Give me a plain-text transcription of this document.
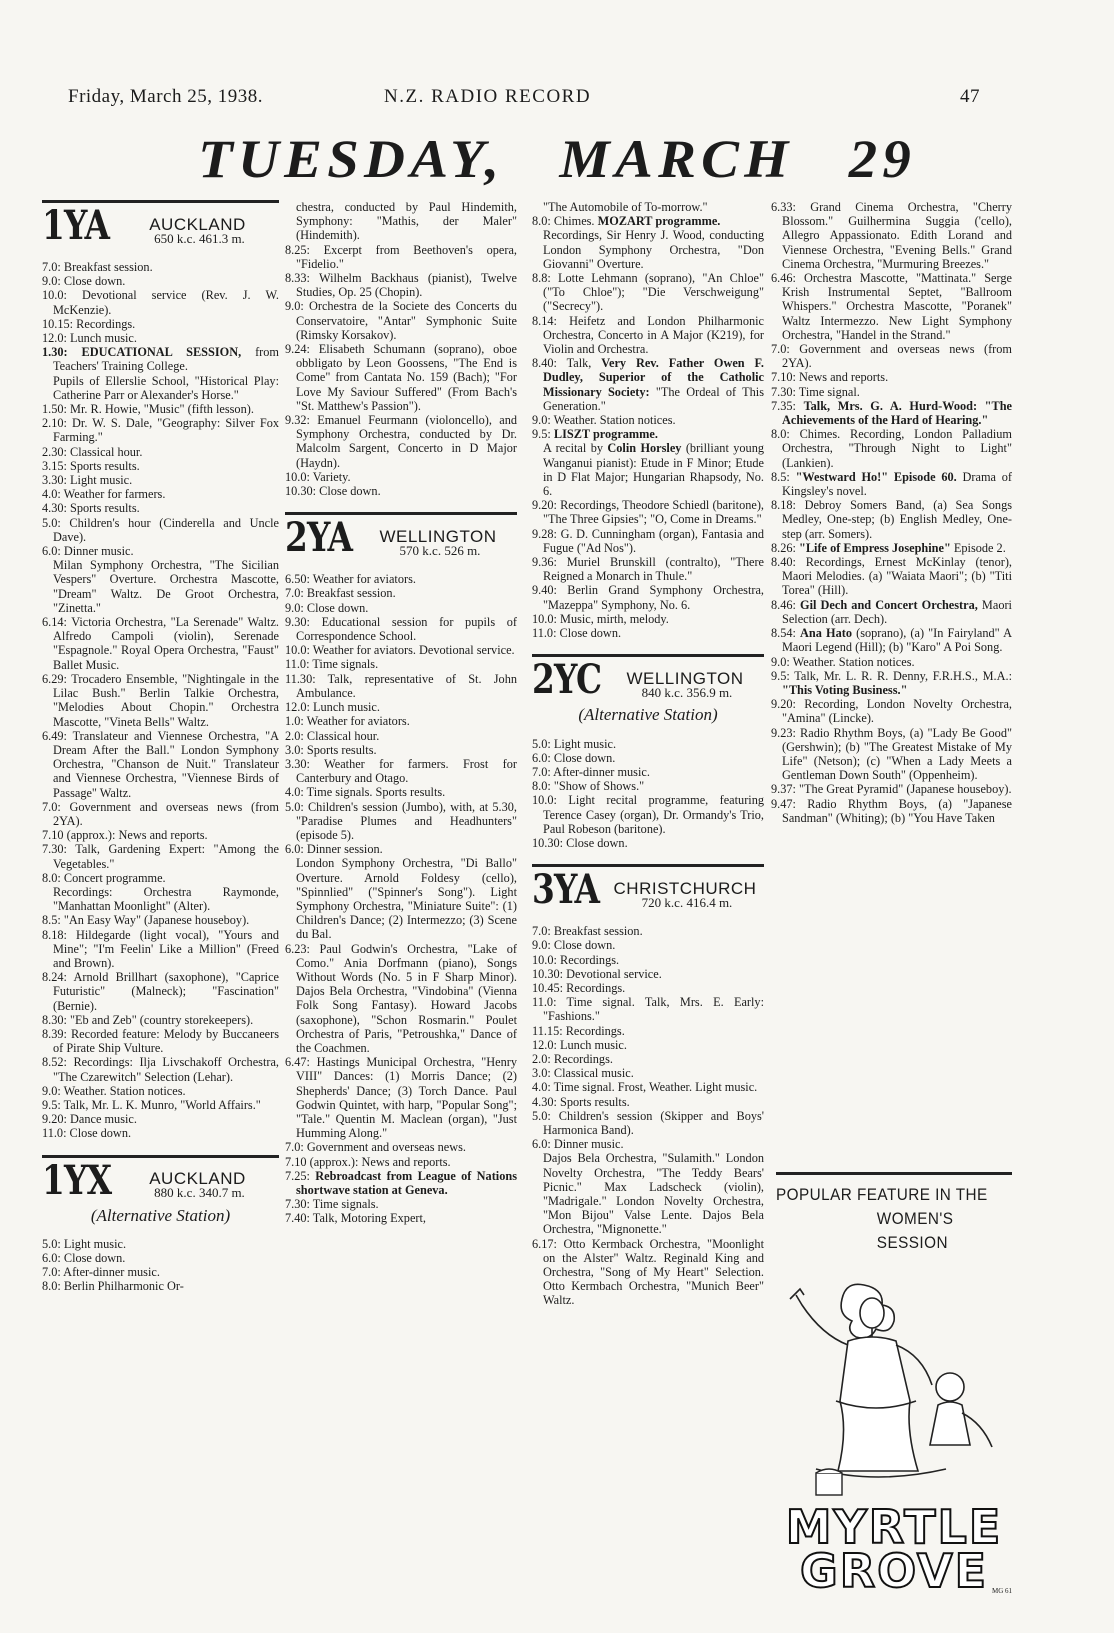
Friday, March 25, 1938.	N.Z. RADIO RECORD	47
TUESDAY, MARCH 29
1YA AUCKLAND
650 k.c. 461.3 m.

7.0: Breakfast session.

9.0: Close down.

10.0: Devotional service (Rev. J. W. McKenzie).

10.15: Recordings.

12.0: Lunch music.

1.30: EDUCATIONAL SESSION, from Teachers' Training College.

Pupils of Ellerslie School, "Historical Play: Catherine Parr or Alexander's Horse."

1.50: Mr. R. Howie, "Music" (fifth lesson).

2.10: Dr. W. S. Dale, "Geography: Silver Fox Farming."

2.30: Classical hour.

3.15: Sports results.

3.30: Light music.

4.0: Weather for farmers.

4.30: Sports results.

5.0: Children's hour (Cinderella and Uncle Dave).

6.0: Dinner music.

Milan Symphony Orchestra, "The Sicilian Vespers" Overture. Orchestra Mascotte, "Dream" Waltz. De Groot Orchestra, "Zinetta."

6.14: Victoria Orchestra, "La Serenade" Waltz. Alfredo Campoli (violin), Serenade "Espagnole." Royal Opera Orchestra, "Faust" Ballet Music.

6.29: Trocadero Ensemble, "Nightingale in the Lilac Bush." Berlin Talkie Orchestra, "Melodies About Chopin." Orchestra Mascotte, "Vineta Bells" Waltz.

6.49: Translateur and Viennese Orchestra, "A Dream After the Ball." London Symphony Orchestra, "Chanson de Nuit." Translateur and Viennese Orchestra, "Viennese Birds of Passage" Waltz.

7.0: Government and overseas news (from 2YA).

7.10 (approx.): News and reports.

7.30: Talk, Gardening Expert: "Among the Vegetables."

8.0: Concert programme.

Recordings: Orchestra Raymonde, "Manhattan Moonlight" (Alter).

8.5: "An Easy Way" (Japanese houseboy).

8.18: Hildegarde (light vocal), "Yours and Mine"; "I'm Feelin' Like a Million" (Freed and Brown).

8.24: Arnold Brillhart (saxophone), "Caprice Futuristic" (Malneck); "Fascination" (Bernie).

8.30: "Eb and Zeb" (country storekeepers).

8.39: Recorded feature: Melody by Buccaneers of Pirate Ship Vulture.

8.52: Recordings: Ilja Livschakoff Orchestra, "The Czarewitch" Selection (Lehar).

9.0: Weather. Station notices.

9.5: Talk, Mr. L. K. Munro, "World Affairs."

9.20: Dance music.

11.0: Close down.

1YX AUCKLAND
880 k.c. 340.7 m.
(Alternative Station)

5.0: Light music.

6.0: Close down.

7.0: After-dinner music.

8.0: Berlin Philharmonic Or-

chestra, conducted by Paul Hindemith, Symphony: "Mathis, der Maler" (Hindemith).

8.25: Excerpt from Beethoven's opera, "Fidelio."

8.33: Wilhelm Backhaus (pianist), Twelve Studies, Op. 25 (Chopin).

9.0: Orchestra de la Societe des Concerts du Conservatoire, "Antar" Symphonic Suite (Rimsky Korsakov).

9.24: Elisabeth Schumann (soprano), oboe obbligato by Leon Goossens, "The End is Come" from Cantata No. 159 (Bach); "For Love My Saviour Suffered" (From Bach's "St. Matthew's Passion").

9.32: Emanuel Feurmann (violoncello), and Symphony Orchestra, conducted by Dr. Malcolm Sargent, Concerto in D Major (Haydn).

10.0: Variety.

10.30: Close down.

2YA WELLINGTON
570 k.c. 526 m.

6.50: Weather for aviators.

7.0: Breakfast session.

9.0: Close down.

9.30: Educational session for pupils of Correspondence School.

10.0: Weather for aviators. Devotional service.

11.0: Time signals.

11.30: Talk, representative of St. John Ambulance.

12.0: Lunch music.

1.0: Weather for aviators.

2.0: Classical hour.

3.0: Sports results.

3.30: Weather for farmers. Frost for Canterbury and Otago.

4.0: Time signals. Sports results.

5.0: Children's session (Jumbo), with, at 5.30, "Paradise Plumes and Headhunters" (episode 5).

6.0: Dinner session.

London Symphony Orchestra, "Di Ballo" Overture. Arnold Foldesy (cello), "Spinnlied" ("Spinner's Song"). Light Symphony Orchestra, "Miniature Suite": (1) Children's Dance; (2) Intermezzo; (3) Scene du Bal.

6.23: Paul Godwin's Orchestra, "Lake of Como." Ania Dorfmann (piano), Songs Without Words (No. 5 in F Sharp Minor). Dajos Bela Orchestra, "Vindobina" (Vienna Folk Song Fantasy). Howard Jacobs (saxophone), "Schon Rosmarin." Poulet Orchestra of Paris, "Petroushka," Dance of the Coachmen.

6.47: Hastings Municipal Orchestra, "Henry VIII" Dances: (1) Morris Dance; (2) Shepherds' Dance; (3) Torch Dance. Paul Godwin Quintet, with harp, "Popular Song"; "Tale." Quentin M. Maclean (organ), "Just Humming Along."

7.0: Government and overseas news.

7.10 (approx.): News and reports.

7.25: Rebroadcast from League of Nations shortwave station at Geneva.

7.30: Time signals.

7.40: Talk, Motoring Expert,

"The Automobile of To-morrow."

8.0: Chimes. MOZART programme.

Recordings, Sir Henry J. Wood, conducting London Symphony Orchestra, "Don Giovanni" Overture.

8.8: Lotte Lehmann (soprano), "An Chloe" ("To Chloe"); "Die Verschweigung" ("Secrecy").

8.14: Heifetz and London Philharmonic Orchestra, Concerto in A Major (K219), for Violin and Orchestra.

8.40: Talk, Very Rev. Father Owen F. Dudley, Superior of the Catholic Missionary Society: "The Ordeal of This Generation."

9.0: Weather. Station notices.

9.5: LISZT programme.

A recital by Colin Horsley (brilliant young Wanganui pianist): Etude in F Minor; Etude in D Flat Major; Hungarian Rhapsody, No. 6.

9.20: Recordings, Theodore Schiedl (baritone), "The Three Gipsies"; "O, Come in Dreams."

9.28: G. D. Cunningham (organ), Fantasia and Fugue ("Ad Nos").

9.36: Muriel Brunskill (contralto), "There Reigned a Monarch in Thule."

9.40: Berlin Grand Symphony Orchestra, "Mazeppa" Symphony, No. 6.

10.0: Music, mirth, melody.

11.0: Close down.

2YC WELLINGTON
840 k.c. 356.9 m.
(Alternative Station)

5.0: Light music.

6.0: Close down.

7.0: After-dinner music.

8.0: "Show of Shows."

10.0: Light recital programme, featuring Terence Casey (organ), Dr. Ormandy's Trio, Paul Robeson (baritone).

10.30: Close down.

3YA CHRISTCHURCH
720 k.c. 416.4 m.

7.0: Breakfast session.

9.0: Close down.

10.0: Recordings.

10.30: Devotional service.

10.45: Recordings.

11.0: Time signal. Talk, Mrs. E. Early: "Fashions."

11.15: Recordings.

12.0: Lunch music.

2.0: Recordings.

3.0: Classical music.

4.0: Time signal. Frost, Weather. Light music.

4.30: Sports results.

5.0: Children's session (Skipper and Boys' Harmonica Band).

6.0: Dinner music.

Dajos Bela Orchestra, "Sulamith." London Novelty Orchestra, "The Teddy Bears' Picnic." Max Ladscheck (violin), "Madrigale." London Novelty Orchestra, "Mon Bijou" Valse Lente. Dajos Bela Orchestra, "Mignonette."

6.17: Otto Kermback Orchestra, "Moonlight on the Alster" Waltz. Reginald King and Orchestra, "Song of My Heart" Selection. Otto Kermbach Orchestra, "Munich Beer" Waltz.

6.33: Grand Cinema Orchestra, "Cherry Blossom." Guilhermina Suggia ('cello), Allegro Appassionato. Edith Lorand and Viennese Orchestra, "Evening Bells." Grand Cinema Orchestra, "Murmuring Breezes."

6.46: Orchestra Mascotte, "Mattinata." Serge Krish Instrumental Septet, "Ballroom Whispers." Orchestra Mascotte, "Poranek" Waltz Intermezzo. New Light Symphony Orchestra, "Handel in the Strand."

7.0: Government and overseas news (from 2YA).

7.10: News and reports.

7.30: Time signal.

7.35: Talk, Mrs. G. A. Hurd-Wood: "The Achievements of the Hard of Hearing."

8.0: Chimes. Recording, London Palladium Orchestra, "Through Night to Light" (Lankien).

8.5: "Westward Ho!" Episode 60. Drama of Kingsley's novel.

8.18: Debroy Somers Band, (a) Sea Songs Medley, One-step; (b) English Medley, One-step (arr. Somers).

8.26: "Life of Empress Josephine" Episode 2.

8.40: Recordings, Ernest McKinlay (tenor), Maori Melodies. (a) "Waiata Maori"; (b) "Titi Torea" (Hill).

8.46: Gil Dech and Concert Orchestra, Maori Selection (arr. Dech).

8.54: Ana Hato (soprano), (a) "In Fairyland" A Maori Legend (Hill); (b) "Karo" A Poi Song.

9.0: Weather. Station notices.

9.5: Talk, Mr. L. R. R. Denny, F.R.H.S., M.A.: "This Voting Business."

9.20: Recording, London Novelty Orchestra, "Amina" (Lincke).

9.23: Radio Rhythm Boys, (a) "Lady Be Good" (Gershwin); (b) "The Greatest Mistake of My Life" (Netson); (c) "When a Lady Meets a Gentleman Down South" (Oppenheim).

9.37: "The Great Pyramid" (Japanese houseboy).

9.47: Radio Rhythm Boys, (a) "Japanese Sandman" (Whiting); (b) "You Have Taken

POPULAR FEATURE IN THE
WOMEN'S
SESSION
MYRTLE
GROVE MG 61
